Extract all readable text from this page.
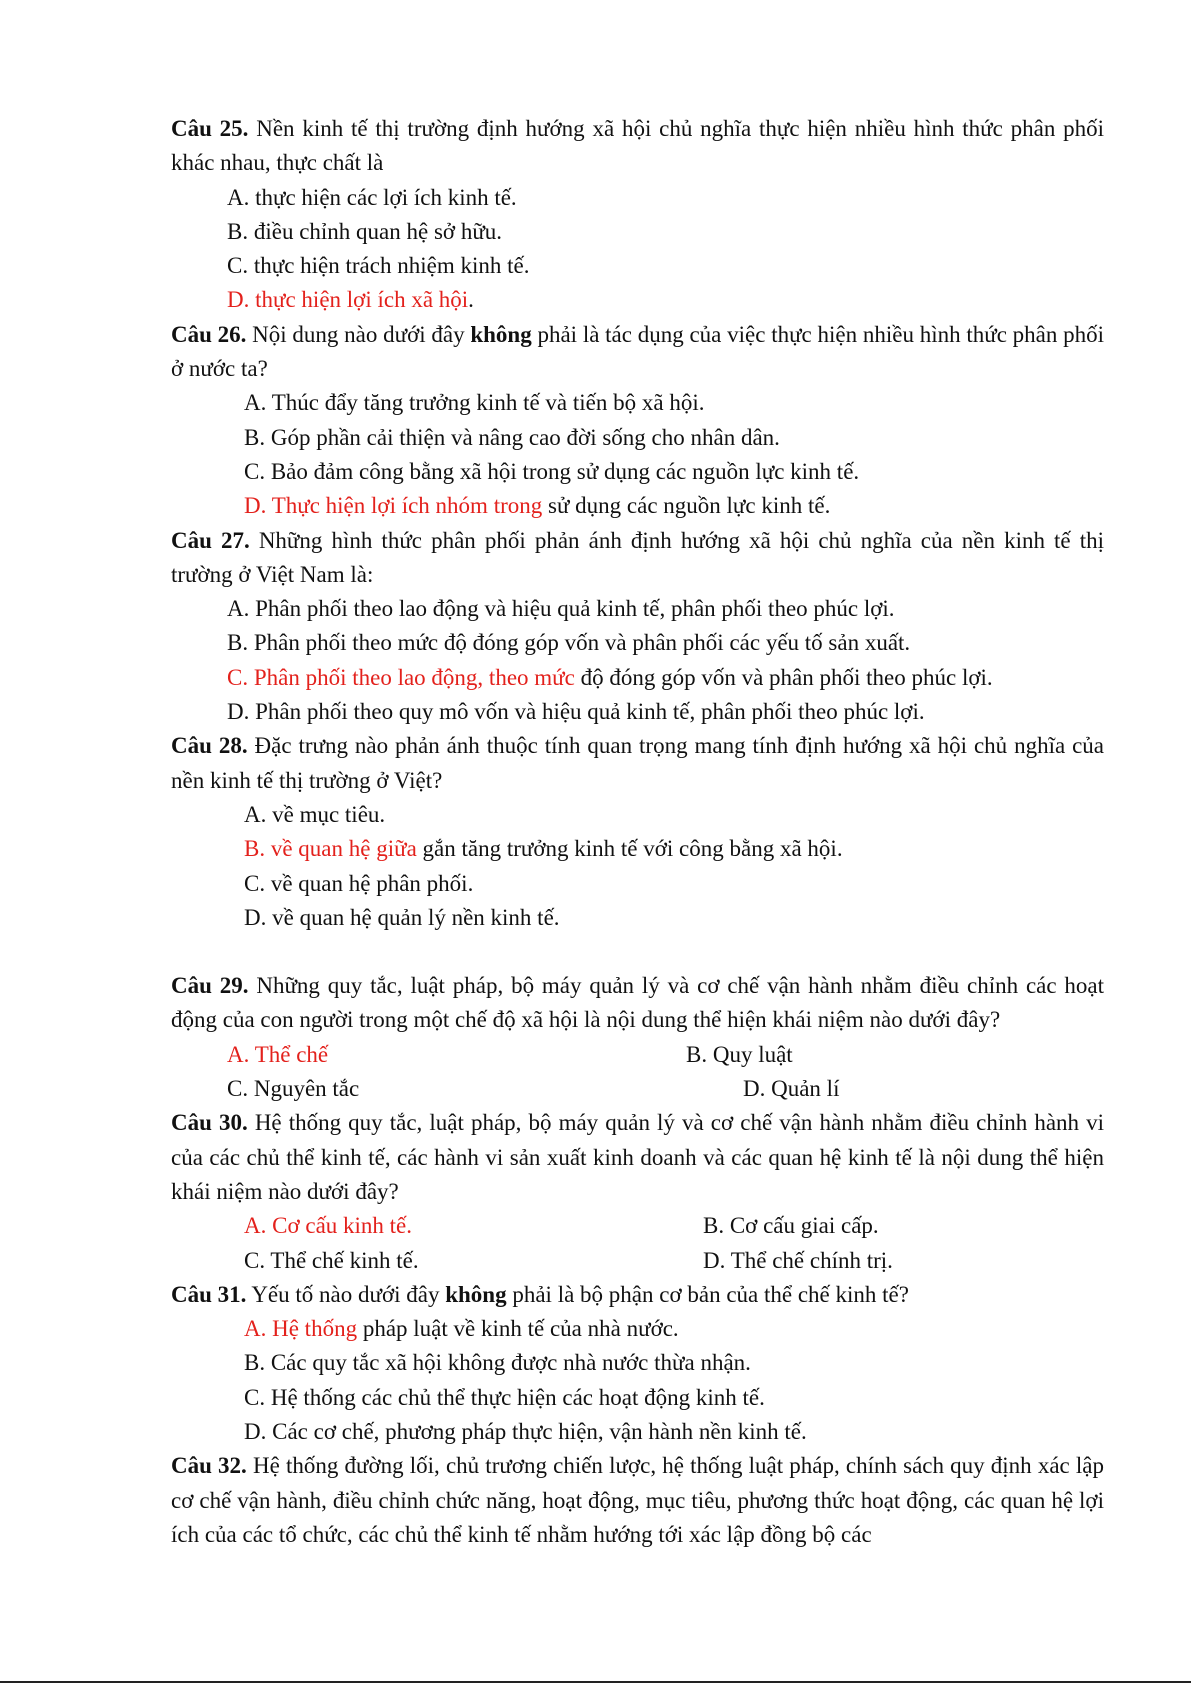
Câu 25. Nền kinh tế thị trường định hướng xã hội chủ nghĩa thực hiện nhiều hình thức phân phối khác nhau, thực chất là
A. thực hiện các lợi ích kinh tế.
B. điều chỉnh quan hệ sở hữu.
C. thực hiện trách nhiệm kinh tế.
D. thực hiện lợi ích xã hội.
Câu 26. Nội dung nào dưới đây không phải là tác dụng của việc thực hiện nhiều hình thức phân phối ở nước ta?
A. Thúc đẩy tăng trưởng kinh tế và tiến bộ xã hội.
B. Góp phần cải thiện và nâng cao đời sống cho nhân dân.
C. Bảo đảm công bằng xã hội trong sử dụng các nguồn lực kinh tế.
D. Thực hiện lợi ích nhóm trong sử dụng các nguồn lực kinh tế.
Câu 27. Những hình thức phân phối phản ánh định hướng xã hội chủ nghĩa của nền kinh tế thị trường ở Việt Nam là:
A. Phân phối theo lao động và hiệu quả kinh tế, phân phối theo phúc lợi.
B. Phân phối theo mức độ đóng góp vốn và phân phối các yếu tố sản xuất.
C. Phân phối theo lao động, theo mức độ đóng góp vốn và phân phối theo phúc lợi.
D. Phân phối theo quy mô vốn và hiệu quả kinh tế, phân phối theo phúc lợi.
Câu 28. Đặc trưng nào phản ánh thuộc tính quan trọng mang tính định hướng xã hội chủ nghĩa của nền kinh tế thị trường ở Việt?
A. về mục tiêu.
B. về quan hệ giữa gắn tăng trưởng kinh tế với công bằng xã hội.
C. về quan hệ phân phối.
D. về quan hệ quản lý nền kinh tế.
Câu 29. Những quy tắc, luật pháp, bộ máy quản lý và cơ chế vận hành nhằm điều chỉnh các hoạt động của con người trong một chế độ xã hội là nội dung thể hiện khái niệm nào dưới đây?
A. Thể chế	B. Quy luật
C. Nguyên tắc	D. Quản lí
Câu 30. Hệ thống quy tắc, luật pháp, bộ máy quản lý và cơ chế vận hành nhằm điều chỉnh hành vi của các chủ thể kinh tế, các hành vi sản xuất kinh doanh và các quan hệ kinh tế là nội dung thể hiện khái niệm nào dưới đây?
A. Cơ cấu kinh tế.	B. Cơ cấu giai cấp.
C. Thể chế kinh tế.	D. Thể chế chính trị.
Câu 31. Yếu tố nào dưới đây không phải là bộ phận cơ bản của thể chế kinh tế?
A. Hệ thống pháp luật về kinh tế của nhà nước.
B. Các quy tắc xã hội không được nhà nước thừa nhận.
C. Hệ thống các chủ thể thực hiện các hoạt động kinh tế.
D. Các cơ chế, phương pháp thực hiện, vận hành nền kinh tế.
Câu 32. Hệ thống đường lối, chủ trương chiến lược, hệ thống luật pháp, chính sách quy định xác lập cơ chế vận hành, điều chỉnh chức năng, hoạt động, mục tiêu, phương thức hoạt động, các quan hệ lợi ích của các tổ chức, các chủ thể kinh tế nhằm hướng tới xác lập đồng bộ các
